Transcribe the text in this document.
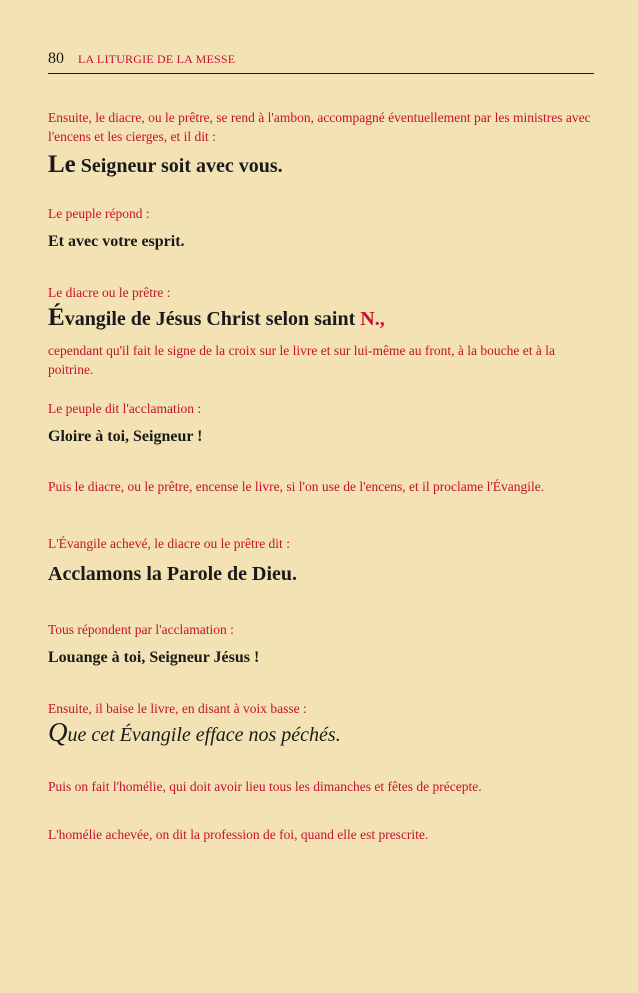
80 LA LITURGIE DE LA MESSE

Ensuite, le diacre, ou le prêtre, se rend à l'ambon, accompagné éventuellement par les ministres avec l'encens et les cierges, et il dit :

Le Seigneur soit avec vous.

Le peuple répond :

Et avec votre esprit.

Le diacre ou le prêtre :

Évangile de Jésus Christ selon saint N.,

cependant qu'il fait le signe de la croix sur le livre et sur lui-même au front, à la bouche et à la poitrine.

Le peuple dit l'acclamation :

Gloire à toi, Seigneur !

Puis le diacre, ou le prêtre, encense le livre, si l'on use de l'encens, et il proclame l'Évangile.

L'Évangile achevé, le diacre ou le prêtre dit :

Acclamons la Parole de Dieu.

Tous répondent par l'acclamation :

Louange à toi, Seigneur Jésus !

Ensuite, il baise le livre, en disant à voix basse :

Que cet Évangile efface nos péchés.

Puis on fait l'homélie, qui doit avoir lieu tous les dimanches et fêtes de précepte.

L'homélie achevée, on dit la profession de foi, quand elle est prescrite.
